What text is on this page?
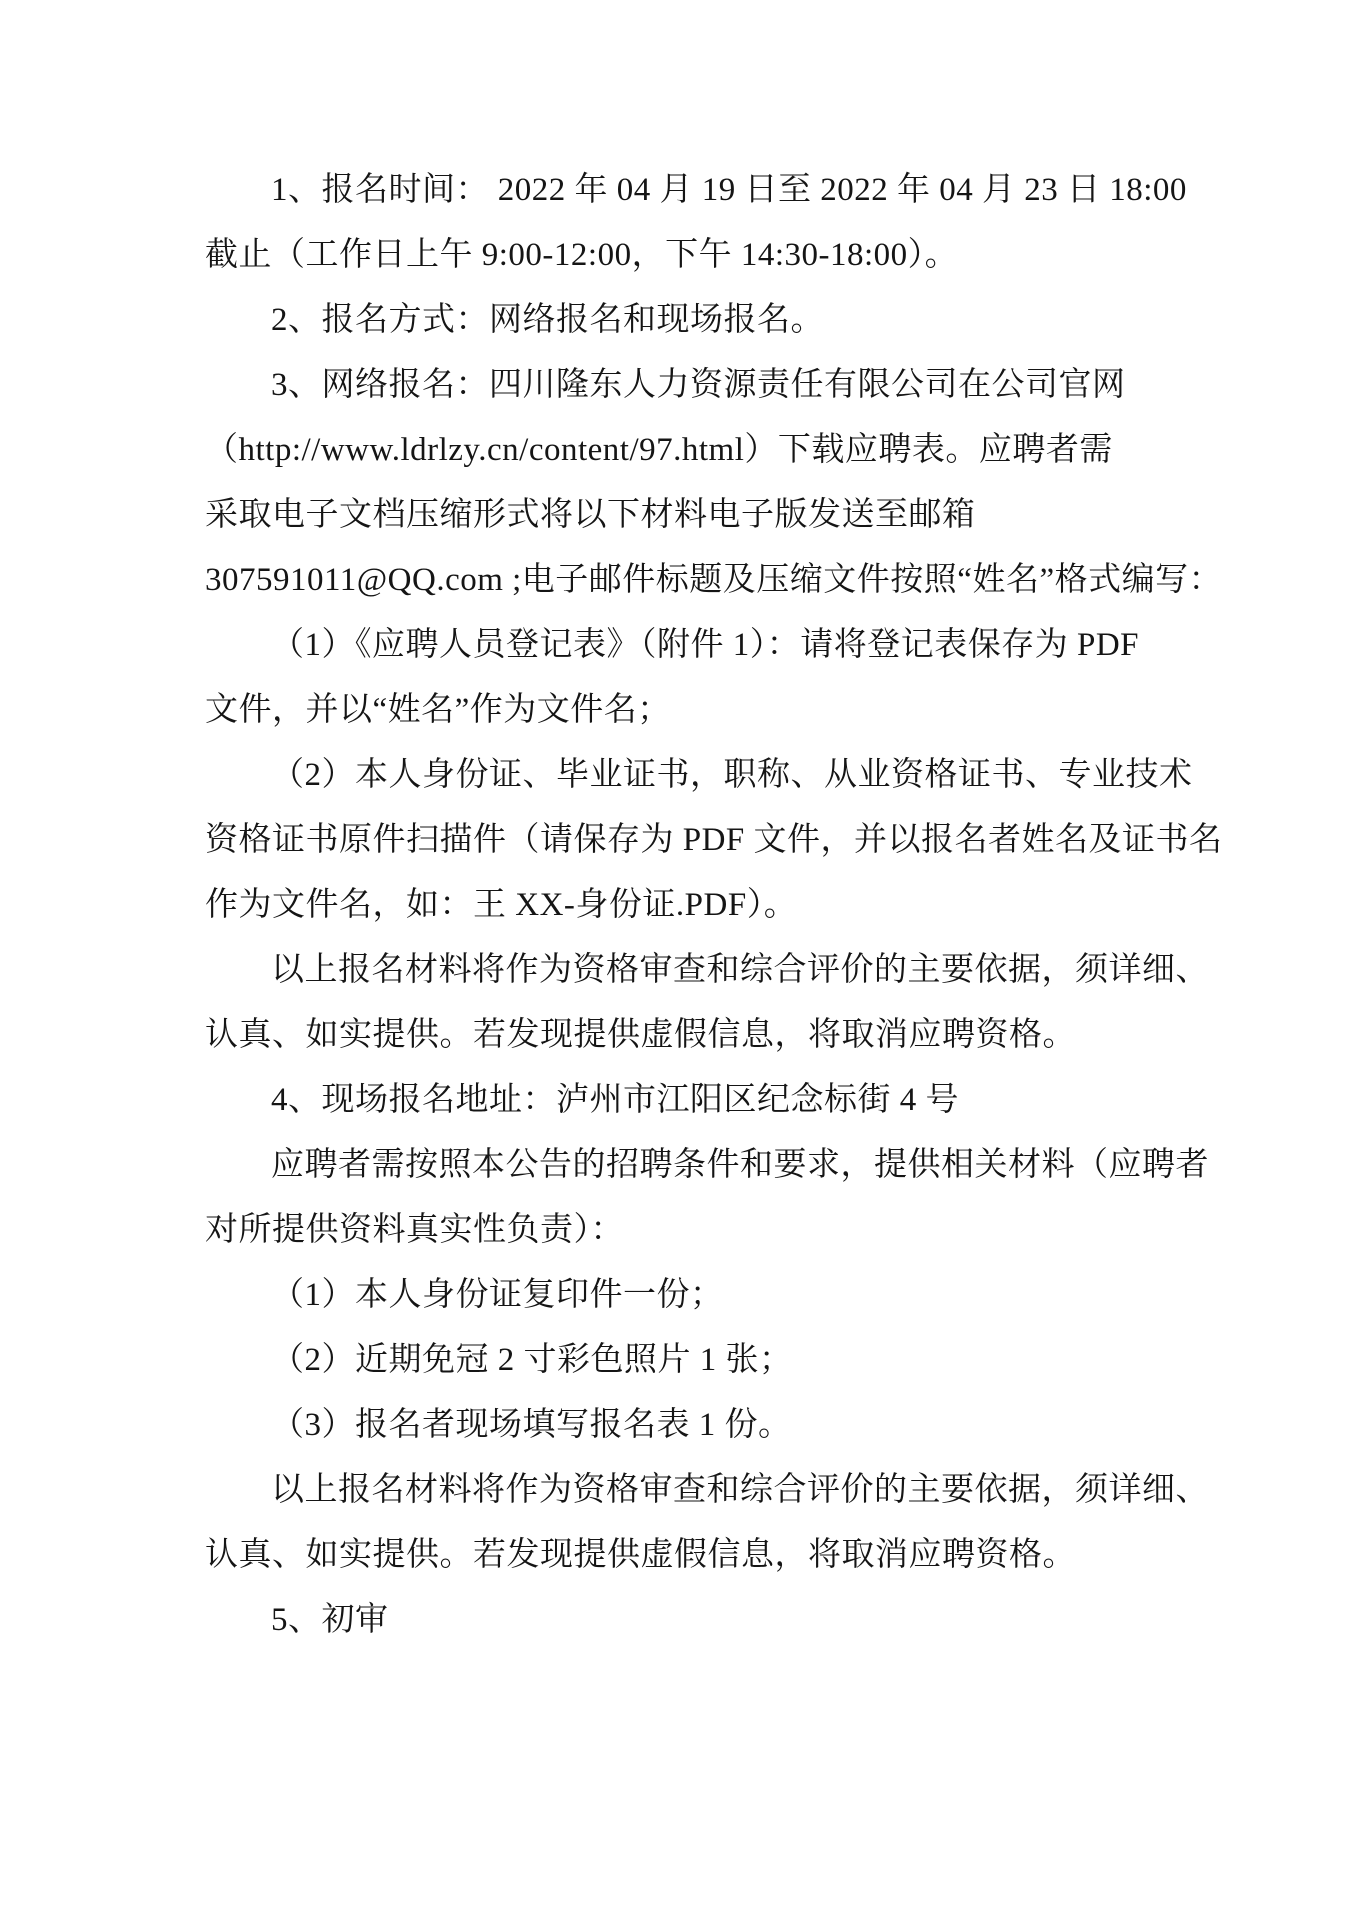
1、报名时间： 2022 年 04 月 19 日至 2022 年 04 月 23 日 18:00
截止（工作日上午 9:00-12:00，下午 14:30-18:00）。
2、报名方式：网络报名和现场报名。
3、网络报名：四川隆东人力资源责任有限公司在公司官网
（http://www.ldrlzy.cn/content/97.html）下载应聘表。应聘者需
采取电子文档压缩形式将以下材料电子版发送至邮箱
307591011@QQ.com ;电子邮件标题及压缩文件按照“姓名”格式编写：
（1）《应聘人员登记表》（附件 1）：请将登记表保存为 PDF
文件，并以“姓名”作为文件名；
（2）本人身份证、毕业证书，职称、从业资格证书、专业技术
资格证书原件扫描件（请保存为 PDF 文件，并以报名者姓名及证书名
作为文件名，如：王 XX-身份证.PDF）。
以上报名材料将作为资格审查和综合评价的主要依据，须详细、
认真、如实提供。若发现提供虚假信息，将取消应聘资格。
4、现场报名地址：泸州市江阳区纪念标街 4 号
应聘者需按照本公告的招聘条件和要求，提供相关材料（应聘者
对所提供资料真实性负责）：
（1）本人身份证复印件一份；
（2）近期免冠 2 寸彩色照片 1 张；
（3）报名者现场填写报名表 1 份。
以上报名材料将作为资格审查和综合评价的主要依据，须详细、
认真、如实提供。若发现提供虚假信息，将取消应聘资格。
5、初审
